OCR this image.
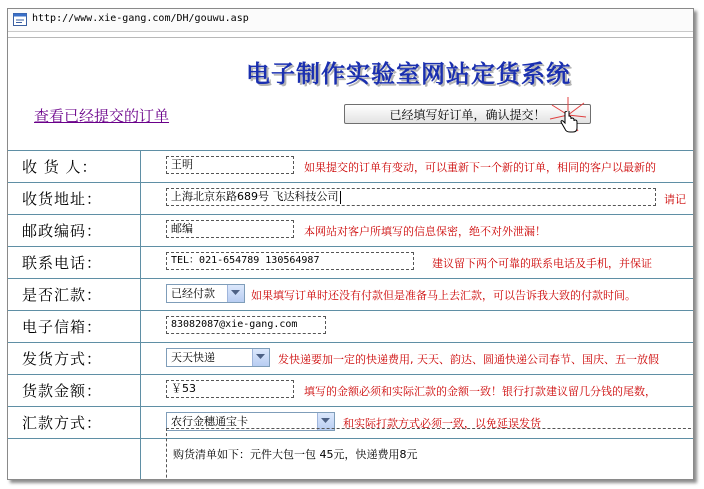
http://www.xie-gang.com/DH/gouwu.asp
电子制作实验室网站定货系统
查看已经提交的订单	已经填写好订单，确认提交！
收 货 人：	王明	如果提交的订单有变动，可以重新下一个新的订单，相同的客户以最新的
收货地址：	上海北京东路689号 飞达科技公司	请记
邮政编码：	邮编	本网站对客户所填写的信息保密，绝不对外泄漏！
联系电话：	TEL：021-654789 130564987	建议留下两个可靠的联系电话及手机，并保证
是否汇款：	已经付款	如果填写订单时还没有付款但是准备马上去汇款，可以告诉我大致的付款时间。
电子信箱：	83082087@xie-gang.com
发货方式：	天天快递	发快递要加一定的快递费用, 天天、韵达、圆通快递公司春节、国庆、五一放假
货款金额：	￥53	填写的金额必须和实际汇款的金额一致！银行打款建议留几分钱的尾数，
汇款方式：	农行金穗通宝卡	和实际打款方式必须一致，以免延误发货
购货清单如下：元件大包一包 45元，快递费用8元
